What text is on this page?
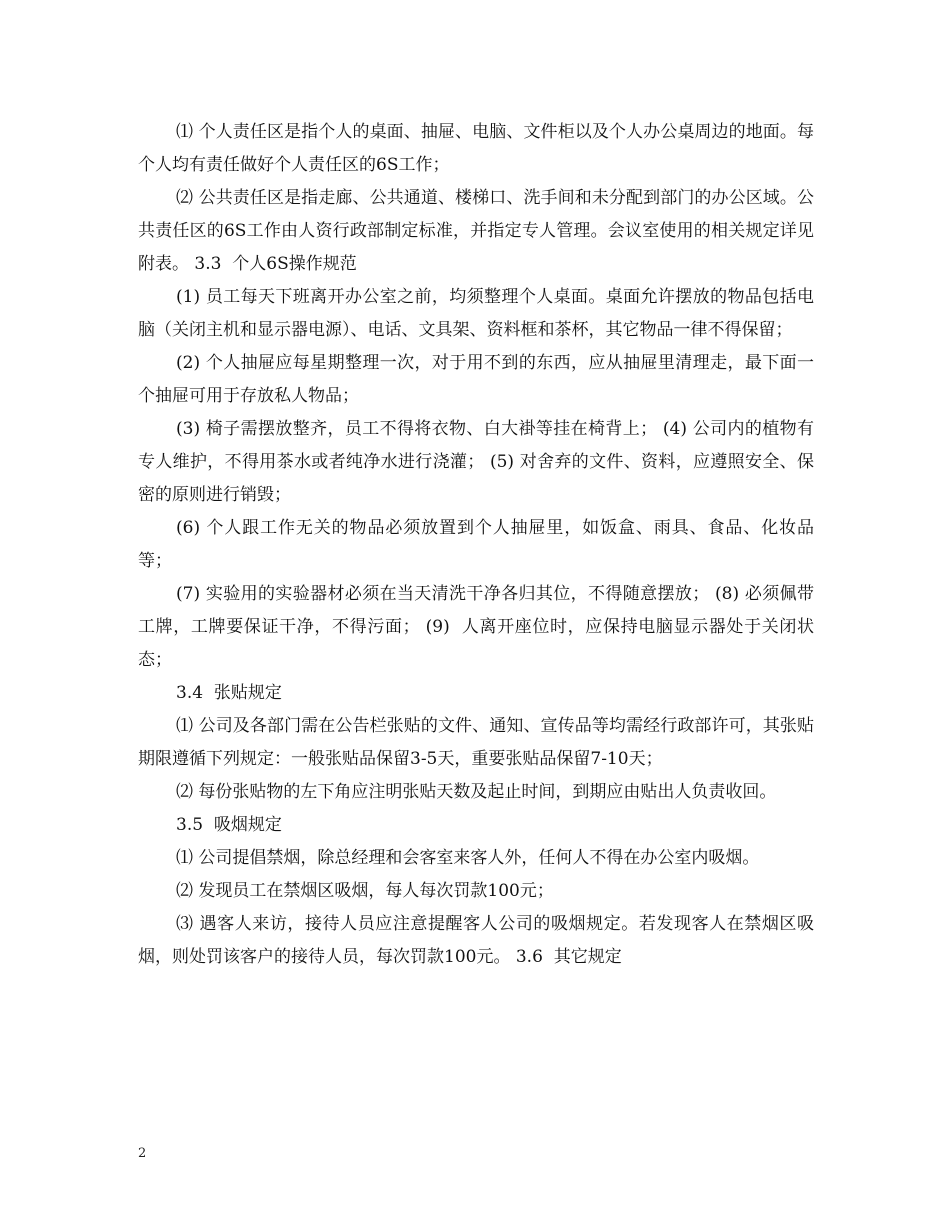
⑴ 个人责任区是指个人的桌面、抽屉、电脑、文件柜以及个人办公桌周边的地面。每个人均有责任做好个人责任区的6S工作；

⑵ 公共责任区是指走廊、公共通道、楼梯口、洗手间和未分配到部门的办公区域。公共责任区的6S工作由人资行政部制定标准，并指定专人管理。会议室使用的相关规定详见附表。 3.3  个人6S操作规范

(1) 员工每天下班离开办公室之前，均须整理个人桌面。桌面允许摆放的物品包括电脑（关闭主机和显示器电源）、电话、文具架、资料框和茶杯，其它物品一律不得保留；

(2) 个人抽屉应每星期整理一次，对于用不到的东西，应从抽屉里清理走，最下面一个抽屉可用于存放私人物品；

(3) 椅子需摆放整齐，员工不得将衣物、白大褂等挂在椅背上； (4) 公司内的植物有专人维护，不得用茶水或者纯净水进行浇灌； (5) 对舍弃的文件、资料，应遵照安全、保密的原则进行销毁；

(6) 个人跟工作无关的物品必须放置到个人抽屉里，如饭盒、雨具、食品、化妆品等；

(7) 实验用的实验器材必须在当天清洗干净各归其位，不得随意摆放； (8) 必须佩带工牌，工牌要保证干净，不得污面； (9)  人离开座位时，应保持电脑显示器处于关闭状态；

3.4  张贴规定

⑴ 公司及各部门需在公告栏张贴的文件、通知、宣传品等均需经行政部许可，其张贴期限遵循下列规定：一般张贴品保留3-5天，重要张贴品保留7-10天；

⑵ 每份张贴物的左下角应注明张贴天数及起止时间，到期应由贴出人负责收回。

3.5  吸烟规定

⑴ 公司提倡禁烟，除总经理和会客室来客人外，任何人不得在办公室内吸烟。

⑵ 发现员工在禁烟区吸烟，每人每次罚款100元；

⑶ 遇客人来访，接待人员应注意提醒客人公司的吸烟规定。若发现客人在禁烟区吸烟，则处罚该客户的接待人员，每次罚款100元。 3.6  其它规定

2
